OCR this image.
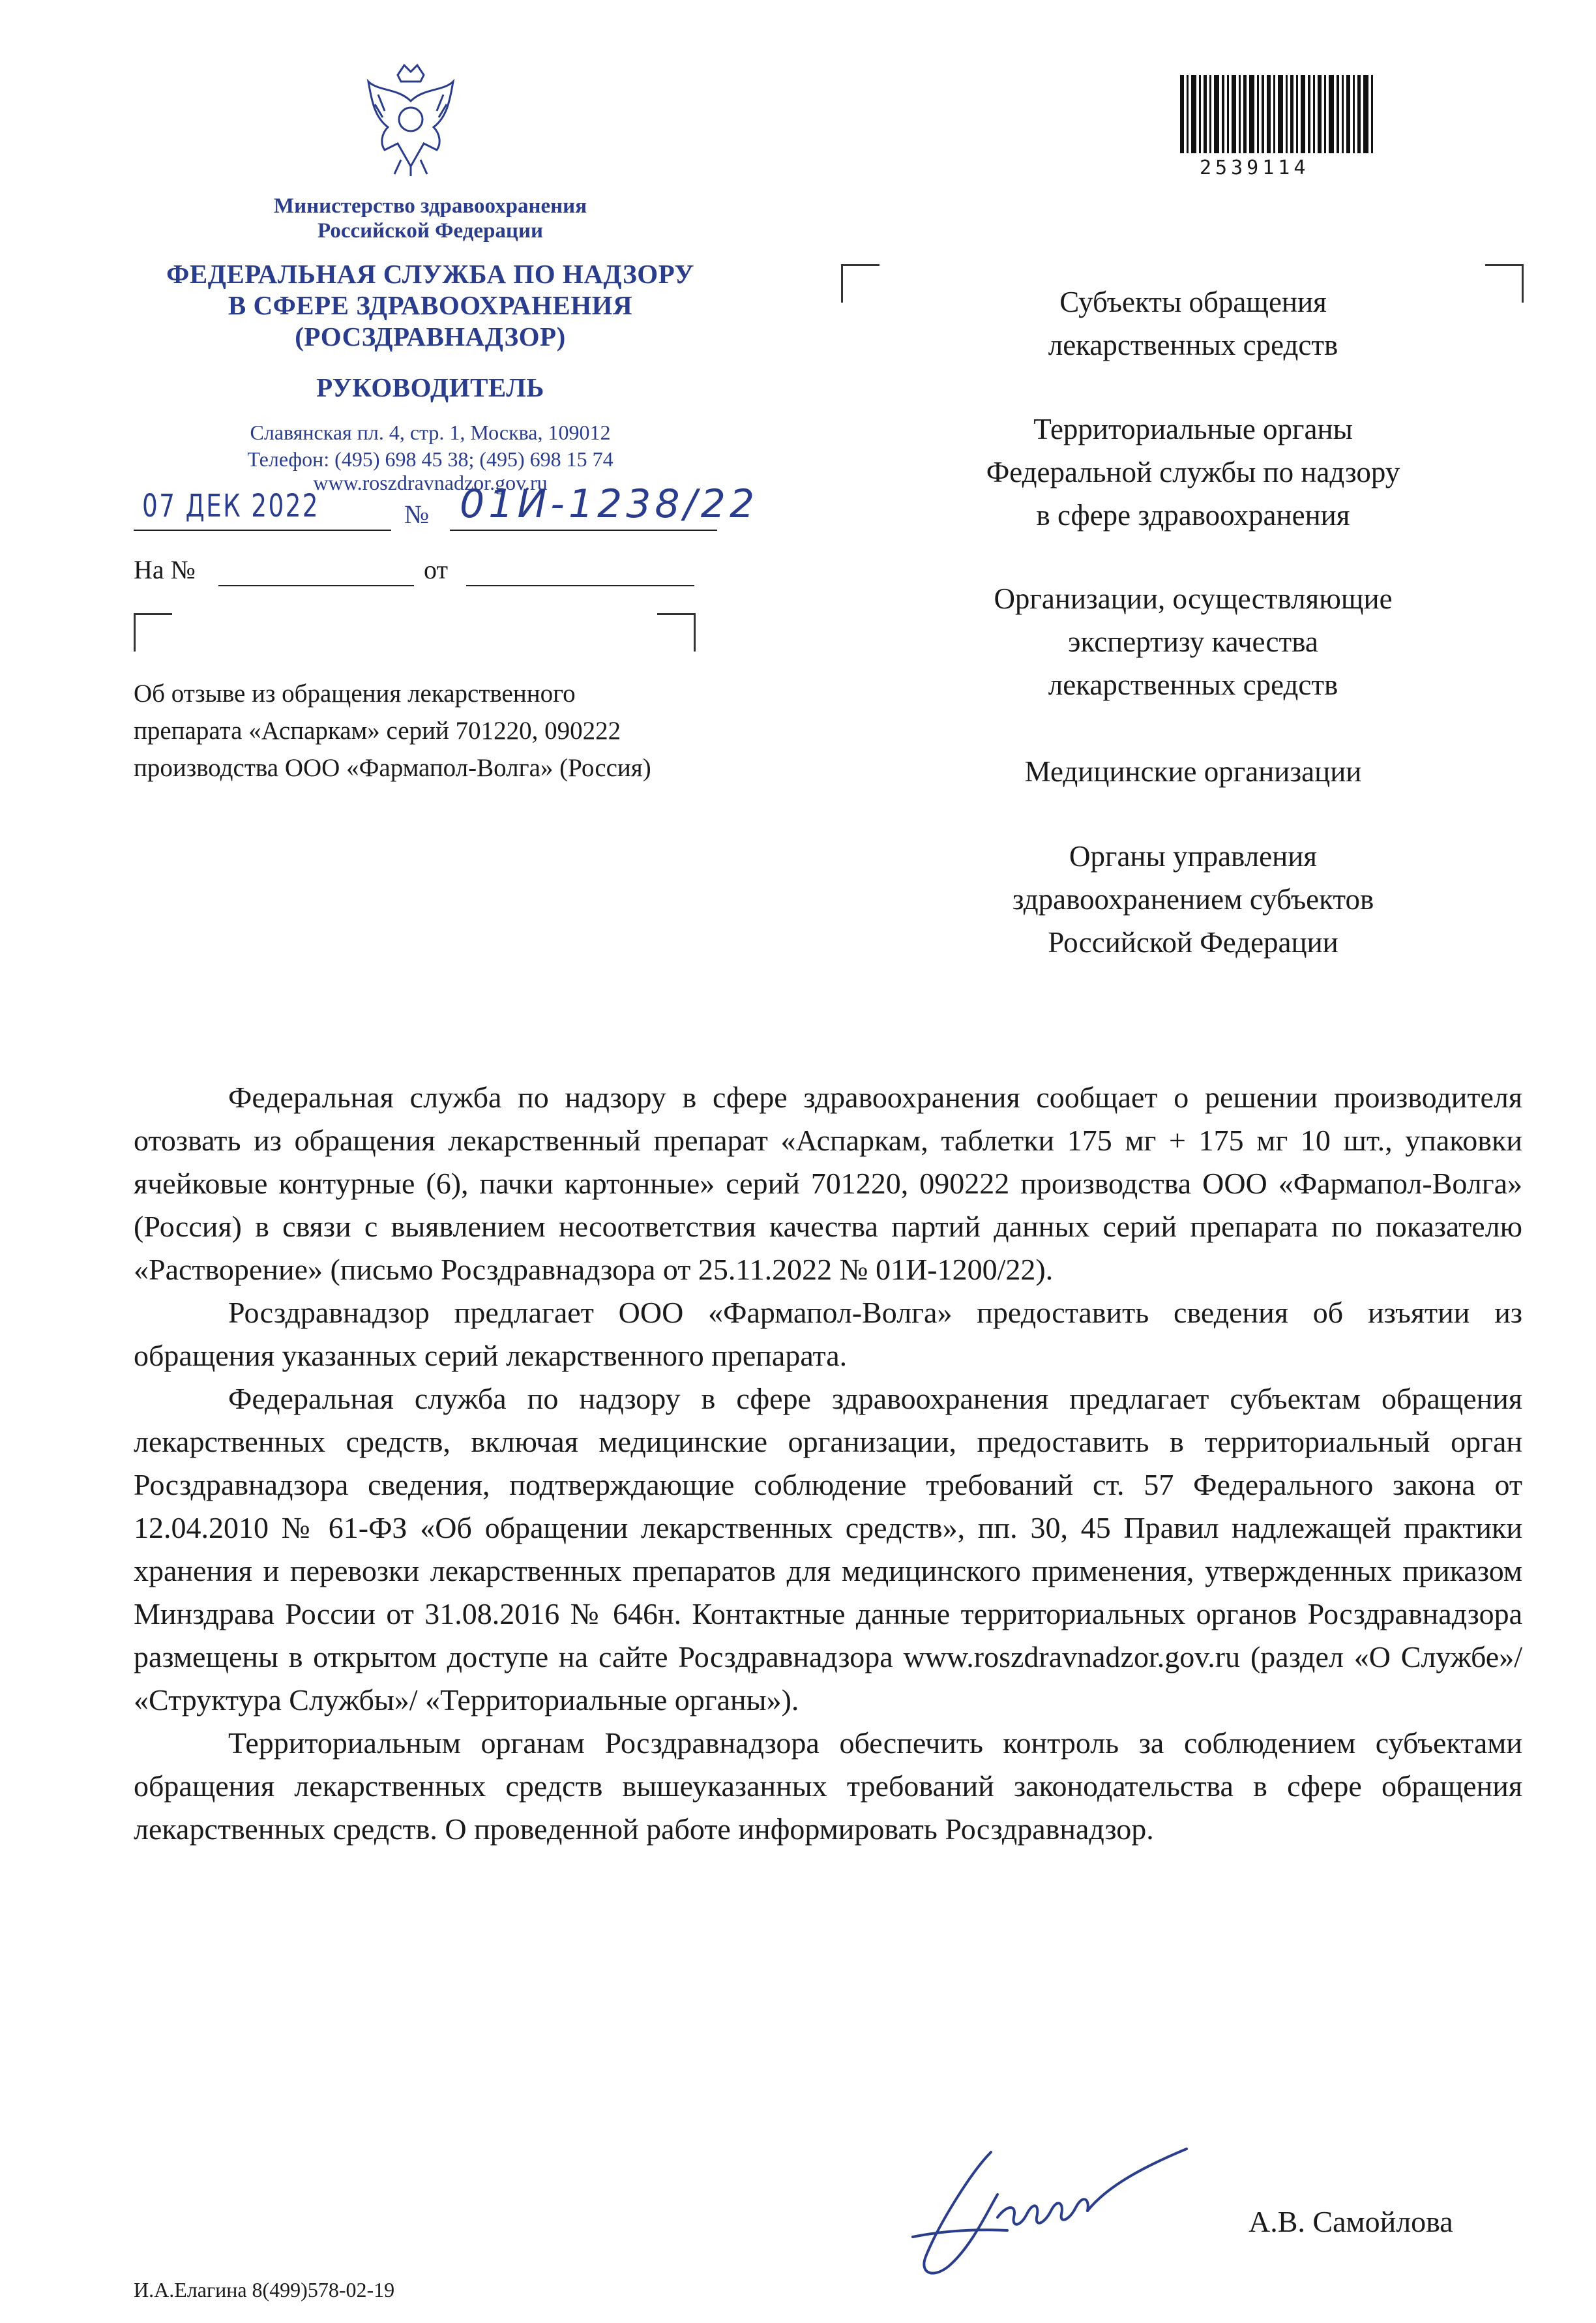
Министерство здравоохранения
Российской Федерации
ФЕДЕРАЛЬНАЯ СЛУЖБА ПО НАДЗОРУ
В СФЕРЕ ЗДРАВООХРАНЕНИЯ
(РОСЗДРАВНАДЗОР)
РУКОВОДИТЕЛЬ
Славянская пл. 4, стр. 1, Москва, 109012
Телефон: (495) 698 45 38; (495) 698 15 74
www.roszdravnadzor.gov.ru
07 ДЕК 2022	№ 01И-1238/22
На №	от
Об отзыве из обращения лекарственного
препарата «Аспаркам» серий 701220, 090222
производства ООО «Фармапол-Волга» (Россия)
2539114
Субъекты обращения
лекарственных средств
Территориальные органы
Федеральной службы по надзору
в сфере здравоохранения
Организации, осуществляющие
экспертизу качества
лекарственных средств
Медицинские организации
Органы управления
здравоохранением субъектов
Российской Федерации

Федеральная служба по надзору в сфере здравоохранения сообщает о решении производителя отозвать из обращения лекарственный препарат «Аспаркам, таблетки 175 мг + 175 мг 10 шт., упаковки ячейковые контурные (6), пачки картонные» серий 701220, 090222 производства ООО «Фармапол-Волга» (Россия) в связи с выявлением несоответствия качества партий данных серий препарата по показателю «Растворение» (письмо Росздравнадзора от 25.11.2022 № 01И-1200/22).

Росздравнадзор предлагает ООО «Фармапол-Волга» предоставить сведения об изъятии из обращения указанных серий лекарственного препарата.

Федеральная служба по надзору в сфере здравоохранения предлагает субъектам обращения лекарственных средств, включая медицинские организации, предоставить в территориальный орган Росздравнадзора сведения, подтверждающие соблюдение требований ст. 57 Федерального закона от 12.04.2010 № 61-ФЗ «Об обращении лекарственных средств», пп. 30, 45 Правил надлежащей практики хранения и перевозки лекарственных препаратов для медицинского применения, утвержденных приказом Минздрава России от 31.08.2016 № 646н. Контактные данные территориальных органов Росздравнадзора размещены в открытом доступе на сайте Росздравнадзора www.roszdravnadzor.gov.ru (раздел «О Службе»/ «Структура Службы»/ «Территориальные органы»).

Территориальным органам Росздравнадзора обеспечить контроль за соблюдением субъектами обращения лекарственных средств вышеуказанных требований законодательства в сфере обращения лекарственных средств. О проведенной работе информировать Росздравнадзор.

А.В. Самойлова
И.А.Елагина 8(499)578-02-19
